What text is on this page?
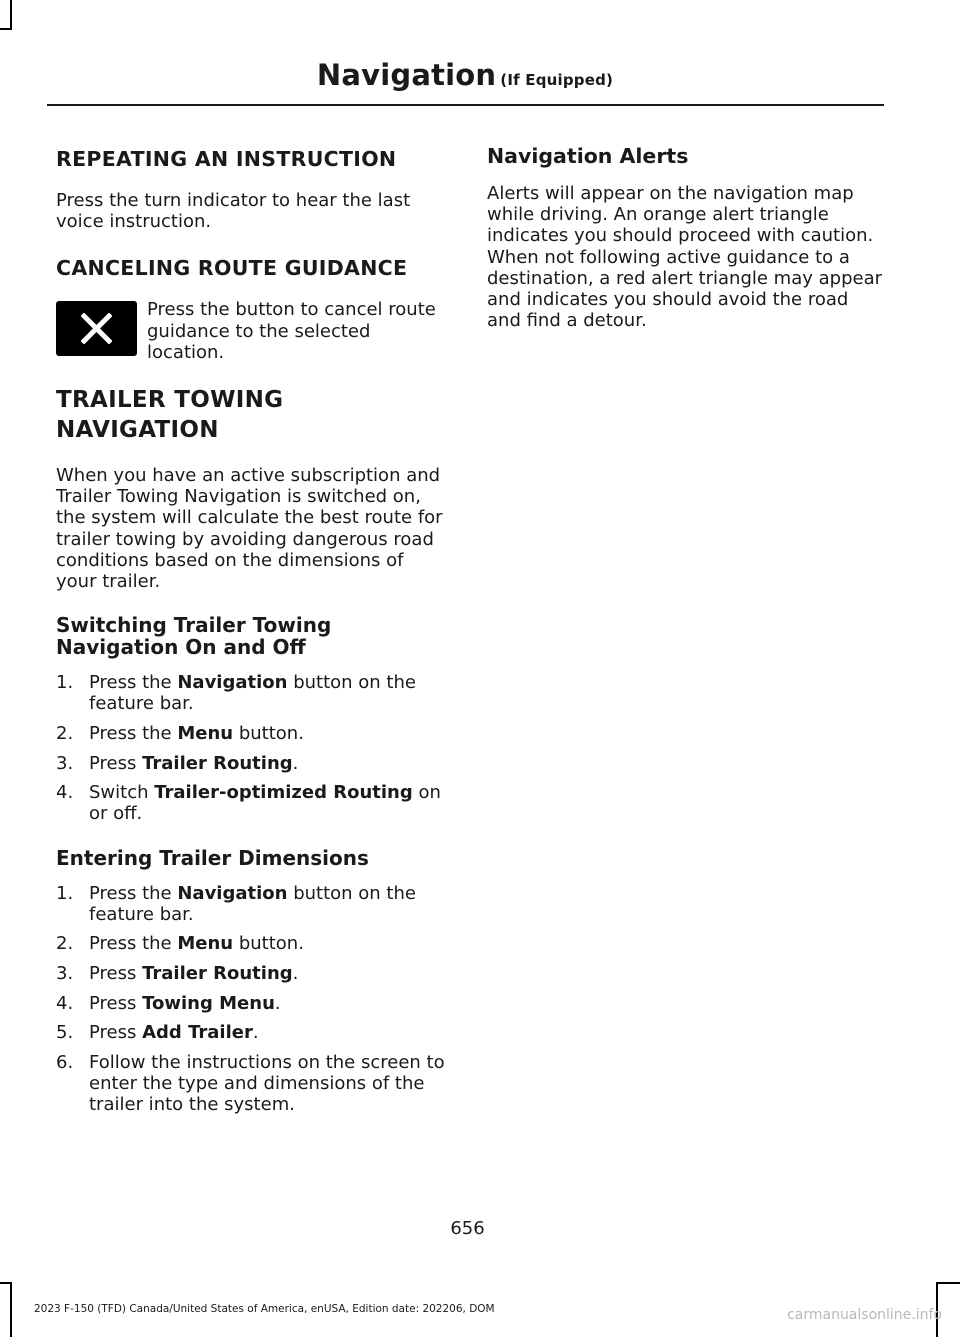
Navigation (If Equipped)
REPEATING AN INSTRUCTION

Press the turn indicator to hear the last voice instruction.

CANCELING ROUTE GUIDANCE

Press the button to cancel route guidance to the selected location.

TRAILER TOWING
NAVIGATION

When you have an active subscription and Trailer Towing Navigation is switched on, the system will calculate the best route for trailer towing by avoiding dangerous road conditions based on the dimensions of your trailer.

Switching Trailer Towing Navigation On and Off
1. Press the Navigation button on the feature bar.
2. Press the Menu button.
3. Press Trailer Routing.
4. Switch Trailer-optimized Routing on or off.
Entering Trailer Dimensions
1. Press the Navigation button on the feature bar.
2. Press the Menu button.
3. Press Trailer Routing.
4. Press Towing Menu.
5. Press Add Trailer.
6. Follow the instructions on the screen to enter the type and dimensions of the trailer into the system.
Navigation Alerts

Alerts will appear on the navigation map while driving. An orange alert triangle indicates you should proceed with caution. When not following active guidance to a destination, a red alert triangle may appear and indicates you should avoid the road and find a detour.

656
2023 F-150 (TFD) Canada/United States of America, enUSA, Edition date: 202206, DOM	carmanualsonline.info
